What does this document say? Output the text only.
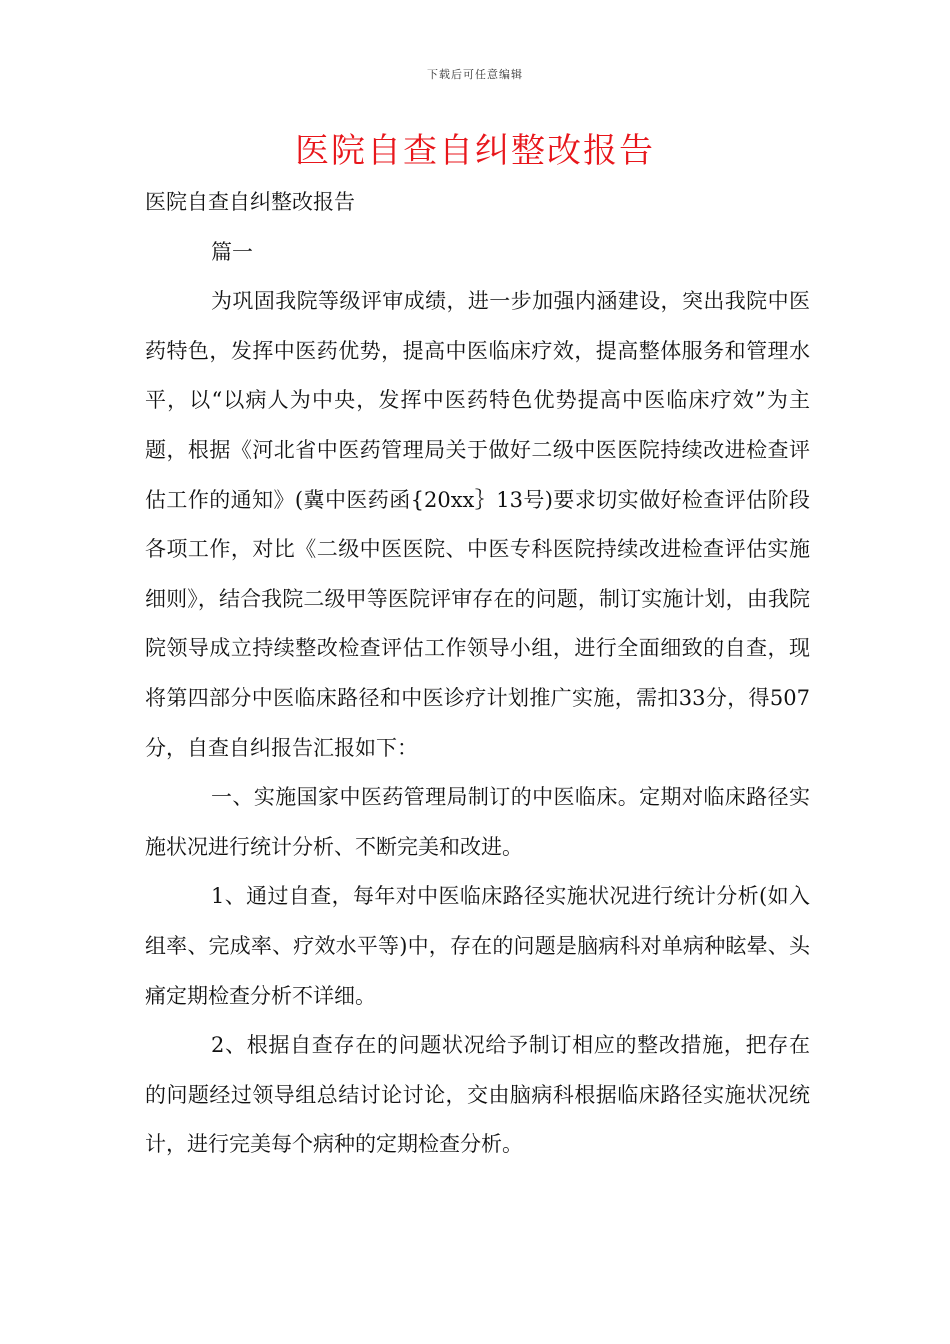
下载后可任意编辑
医院自查自纠整改报告

医院自查自纠整改报告

篇一

为巩固我院等级评审成绩，进一步加强内涵建设，突出我院中医药特色，发挥中医药优势，提高中医临床疗效，提高整体服务和管理水平，以“以病人为中央，发挥中医药特色优势提高中医临床疗效”为主题，根据《河北省中医药管理局关于做好二级中医医院持续改进检查评估工作的通知》(冀中医药函{20xx｝13号)要求切实做好检查评估阶段各项工作，对比《二级中医医院、中医专科医院持续改进检查评估实施细则》，结合我院二级甲等医院评审存在的问题，制订实施计划，由我院院领导成立持续整改检查评估工作领导小组，进行全面细致的自查，现将第四部分中医临床路径和中医诊疗计划推广实施，需扣33分，得507分，自查自纠报告汇报如下：

一、实施国家中医药管理局制订的中医临床。定期对临床路径实施状况进行统计分析、不断完美和改进。

1、通过自查，每年对中医临床路径实施状况进行统计分析(如入组率、完成率、疗效水平等)中，存在的问题是脑病科对单病种眩晕、头痛定期检查分析不详细。

2、根据自查存在的问题状况给予制订相应的整改措施，把存在的问题经过领导组总结讨论讨论，交由脑病科根据临床路径实施状况统计，进行完美每个病种的定期检查分析。
